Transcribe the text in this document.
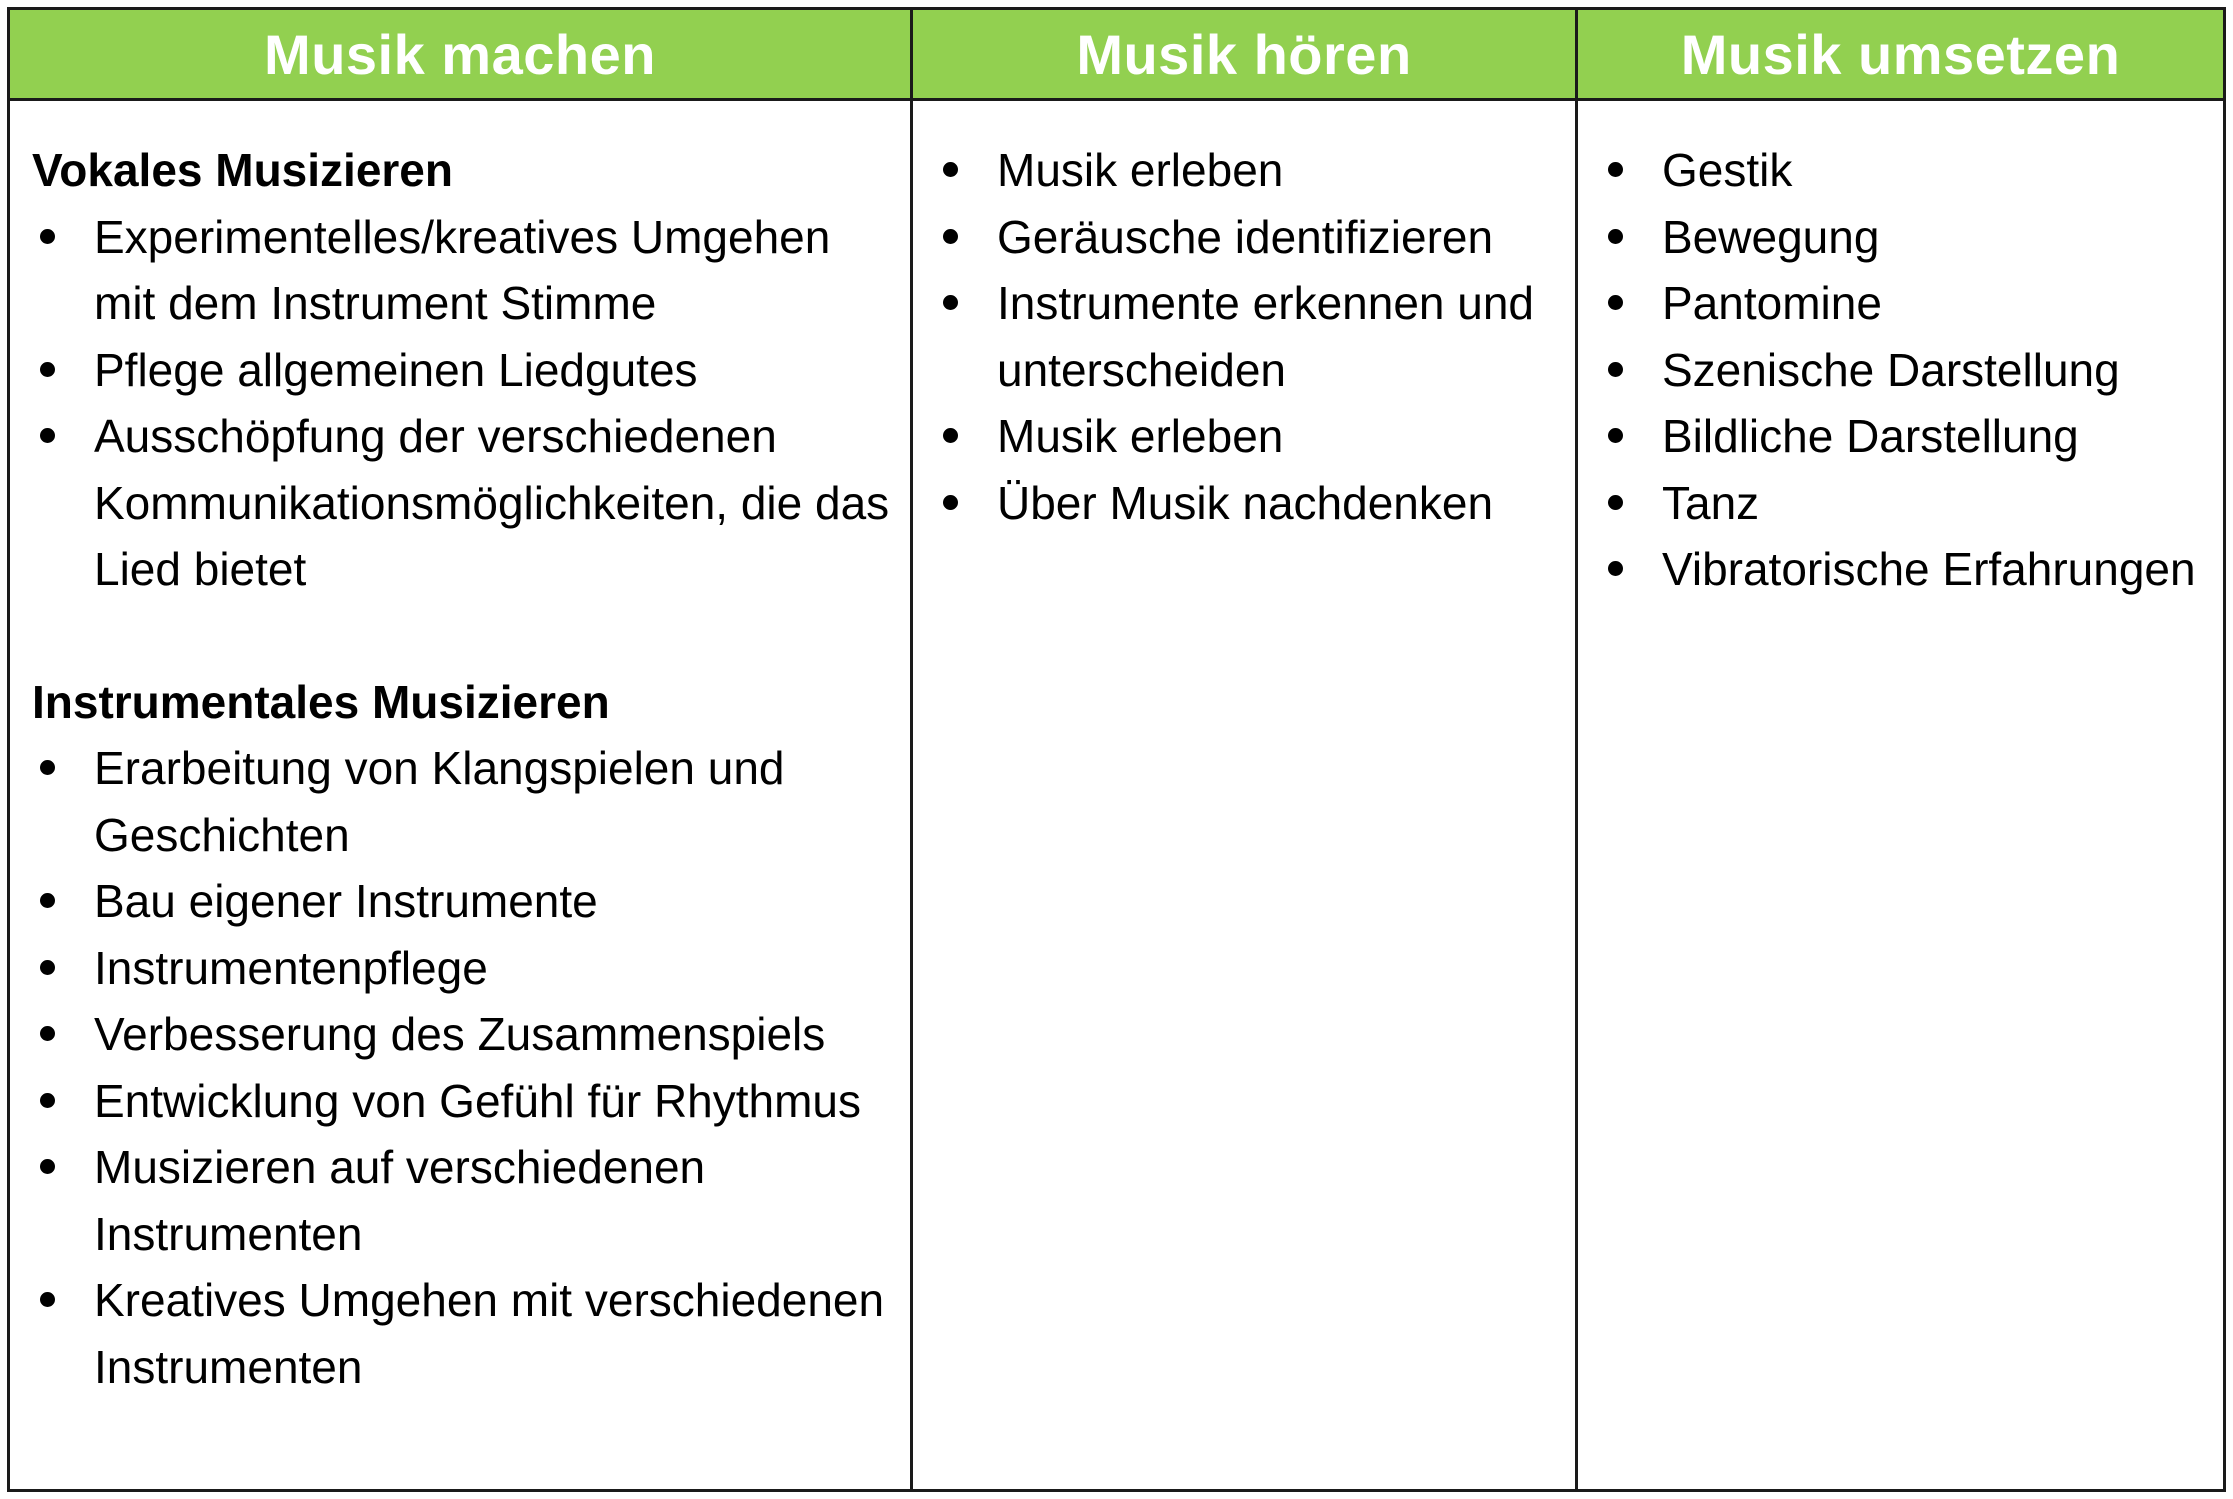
Musik machen	Musik hören	Musik umsetzen

Vokales Musizieren

Experimentelles/kreatives Umgehen mit dem Instrument Stimme
Pflege allgemeinen Liedgutes
Ausschöpfung der verschiedenen Kommunikationsmöglichkeiten, die das Lied bietet

Instrumentales Musizieren

Erarbeitung von Klangspielen und Geschichten
Bau eigener Instrumente
Instrumentenpflege
Verbesserung des Zusammenspiels
Entwicklung von Gefühl für Rhythmus
Musizieren auf verschiedenen Instrumenten
Kreatives Umgehen mit verschiedenen Instrumenten
Musik erleben
Geräusche identifizieren
Instrumente erkennen und unterscheiden
Musik erleben
Über Musik nachdenken
Gestik
Bewegung
Pantomine
Szenische Darstellung
Bildliche Darstellung
Tanz
Vibratorische Erfahrungen
